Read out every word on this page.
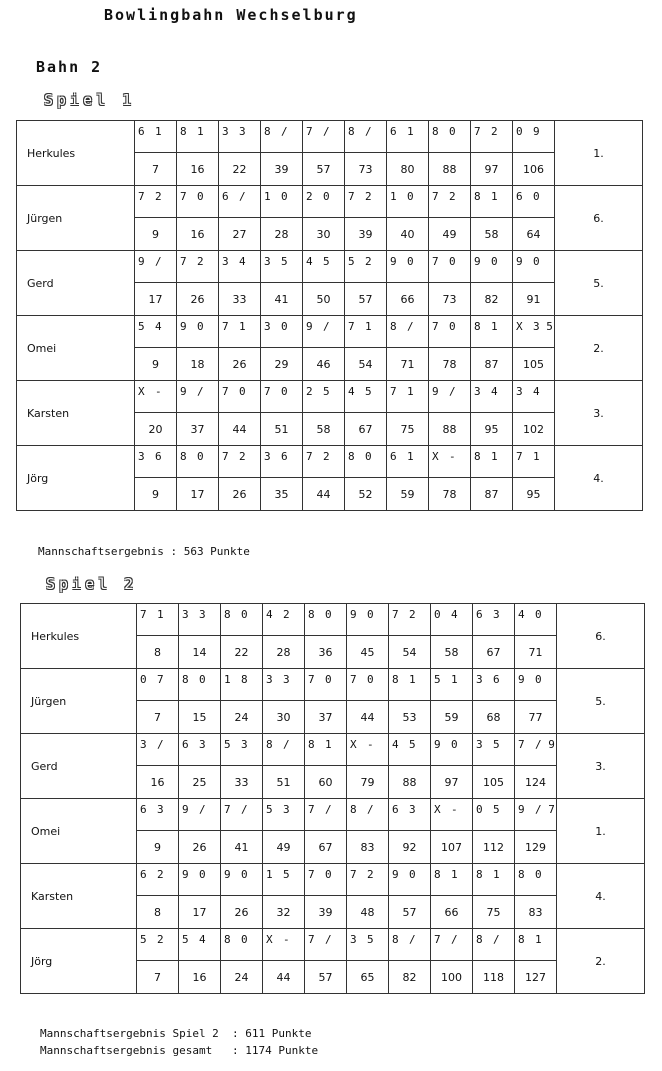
Bowlingbahn Wechselburg
Bahn 2
Spiel 1
Herkules	6 1	8 1	3 3	8 /	7 /	8 /	6 1	8 0	7 2	0 9	1.
	7	16	22	39	57	73	80	88	97	106	
Jürgen	7 2	7 0	6 /	1 0	2 0	7 2	1 0	7 2	8 1	6 0	6.
	9	16	27	28	30	39	40	49	58	64	
Gerd	9 /	7 2	3 4	3 5	4 5	5 2	9 0	7 0	9 0	9 0	5.
	17	26	33	41	50	57	66	73	82	91	
Omei	5 4	9 0	7 1	3 0	9 /	7 1	8 /	7 0	8 1	X 3 5	2.
	9	18	26	29	46	54	71	78	87	105	
Karsten	X -	9 /	7 0	7 0	2 5	4 5	7 1	9 /	3 4	3 4	3.
	20	37	44	51	58	67	75	88	95	102	
Jörg	3 6	8 0	7 2	3 6	7 2	8 0	6 1	X -	8 1	7 1	4.
	9	17	26	35	44	52	59	78	87	95	
Mannschaftsergebnis : 563 Punkte
Spiel 2
Herkules	7 1	3 3	8 0	4 2	8 0	9 0	7 2	0 4	6 3	4 0	6.
	8	14	22	28	36	45	54	58	67	71	
Jürgen	0 7	8 0	1 8	3 3	7 0	7 0	8 1	5 1	3 6	9 0	5.
	7	15	24	30	37	44	53	59	68	77	
Gerd	3 /	6 3	5 3	8 /	8 1	X -	4 5	9 0	3 5	7 / 9	3.
	16	25	33	51	60	79	88	97	105	124	
Omei	6 3	9 /	7 /	5 3	7 /	8 /	6 3	X -	0 5	9 / 7	1.
	9	26	41	49	67	83	92	107	112	129	
Karsten	6 2	9 0	9 0	1 5	7 0	7 2	9 0	8 1	8 1	8 0	4.
	8	17	26	32	39	48	57	66	75	83	
Jörg	5 2	5 4	8 0	X -	7 /	3 5	8 /	7 /	8 /	8 1	2.
	7	16	24	44	57	65	82	100	118	127	
Mannschaftsergebnis Spiel 2  : 611 Punkte
Mannschaftsergebnis gesamt   : 1174 Punkte
